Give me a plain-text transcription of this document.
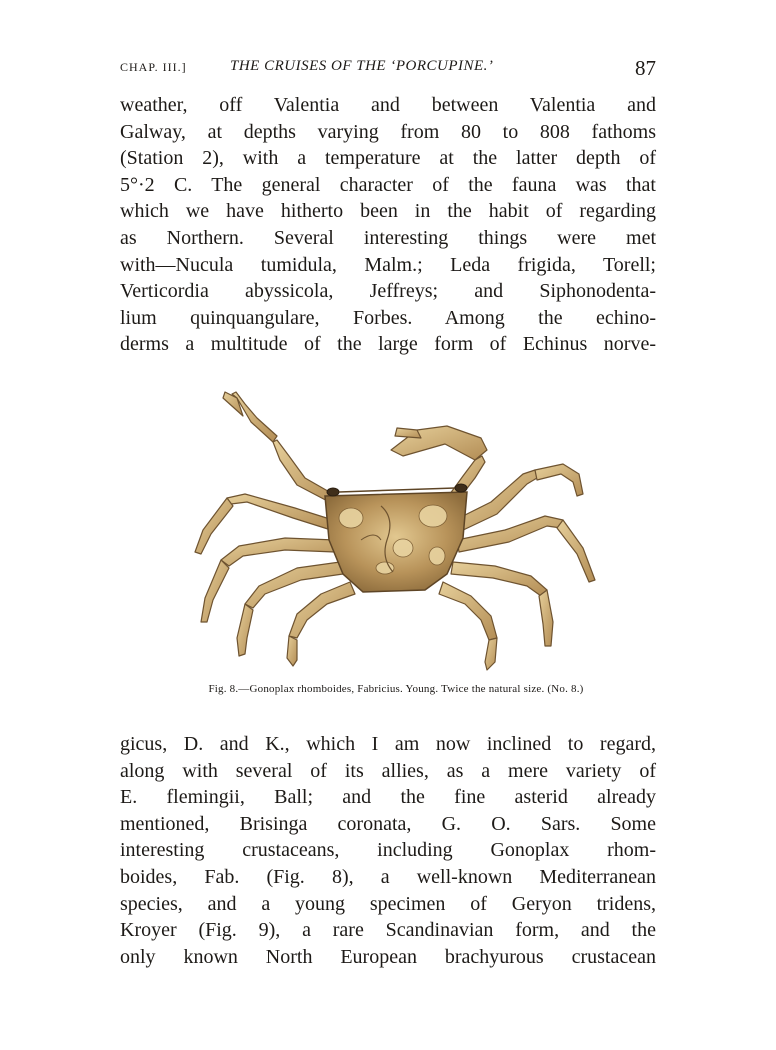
CHAP. III.]	THE CRUISES OF THE ‘PORCUPINE.’	87
weather, off Valentia and between Valentia and
Galway, at depths varying from 80 to 808 fathoms
(Station 2), with a temperature at the latter depth of
5°·2 C. The general character of the fauna was that
which we have hitherto been in the habit of regarding
as Northern. Several interesting things were met
with—Nucula tumidula, Malm.; Leda frigida, Torell;
Verticordia abyssicola, Jeffreys; and Siphonodenta-
lium quinquangulare, Forbes. Among the echino-
derms a multitude of the large form of Echinus norve-
Fig. 8.—Gonoplax rhomboides, Fabricius. Young. Twice the natural size. (No. 8.)
gicus, D. and K., which I am now inclined to regard,
along with several of its allies, as a mere variety of
E. flemingii, Ball; and the fine asterid already
mentioned, Brisinga coronata, G. O. Sars. Some
interesting crustaceans, including Gonoplax rhom-
boides, Fab. (Fig. 8), a well-known Mediterranean
species, and a young specimen of Geryon tridens,
Kroyer (Fig. 9), a rare Scandinavian form, and the
only known North European brachyurous crustacean
